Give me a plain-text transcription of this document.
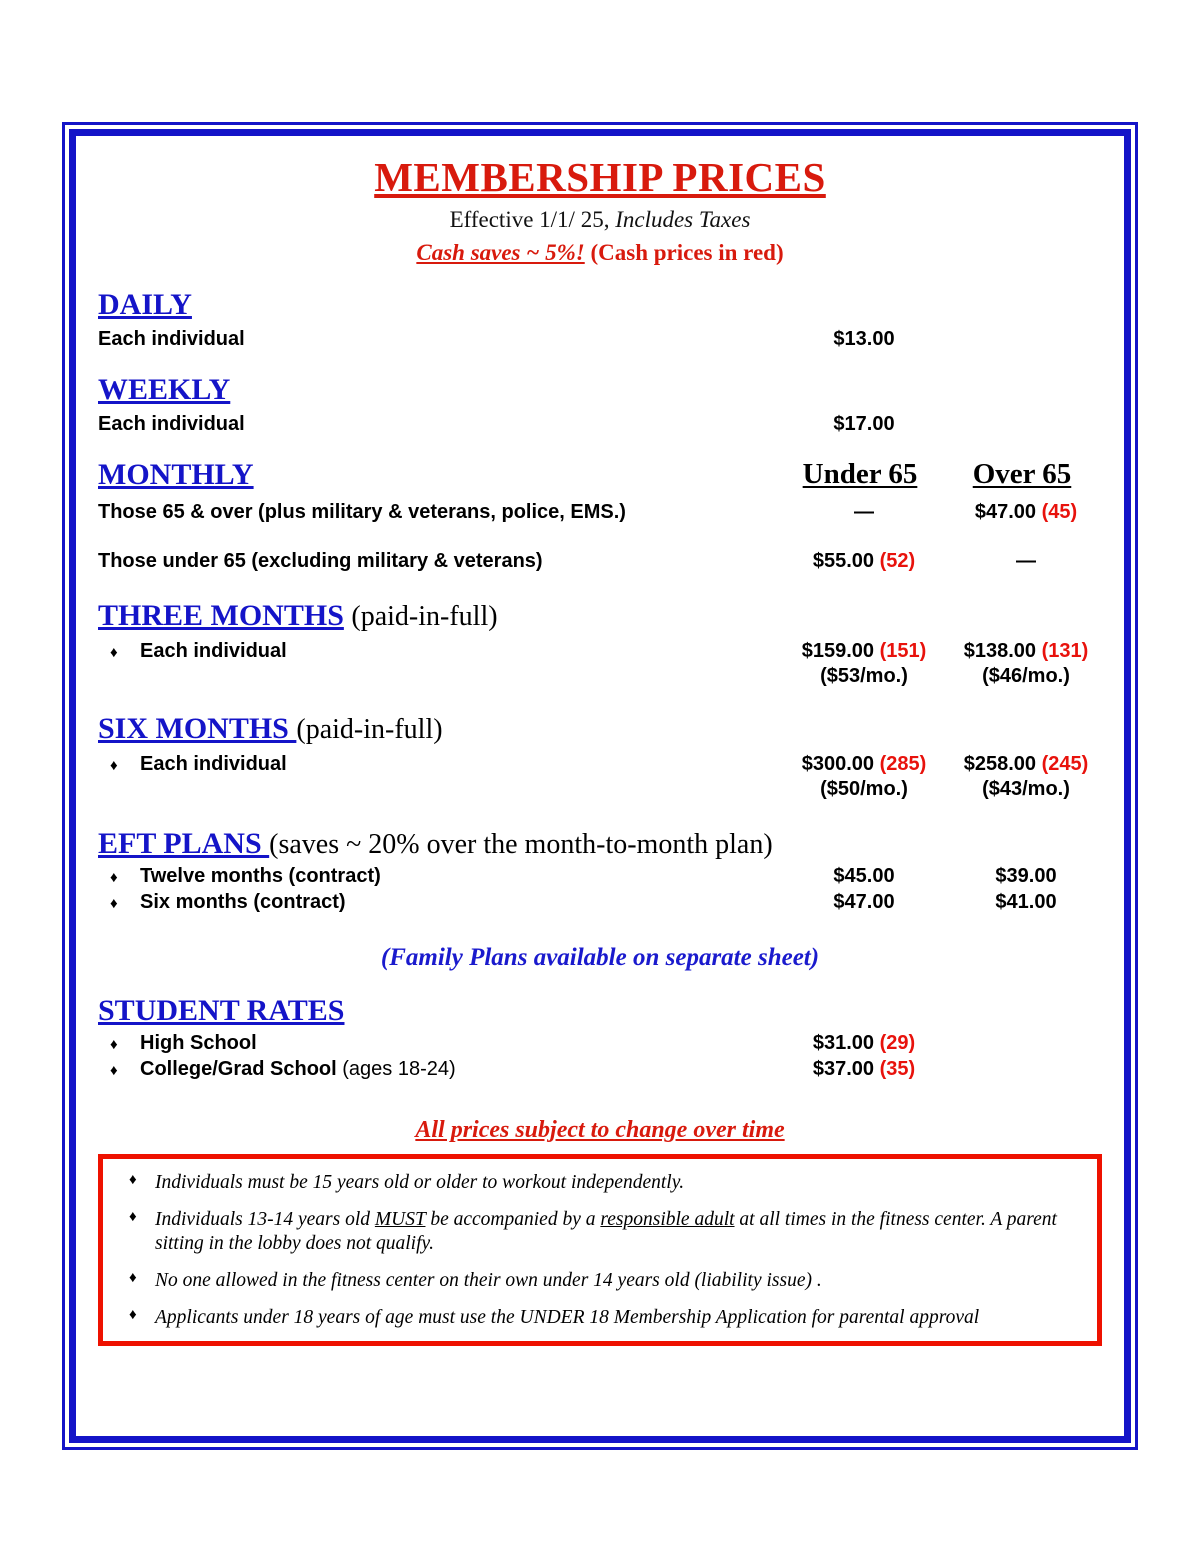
MEMBERSHIP PRICES
Effective 1/1/ 25, Includes Taxes
Cash saves ~ 5%! (Cash prices in red)
DAILY
Each individual	$13.00
WEEKLY
Each individual	$17.00
MONTHLY	Under 65 Over 65
Those 65 & over (plus military & veterans, police, EMS.)	—	$47.00 (45)
Those under 65 (excluding military & veterans)	$55.00 (52)	—
THREE MONTHS (paid-in-full)
♦	Each individual	$159.00 (151)	$138.00 (131)
($53/mo.)	($46/mo.)
SIX MONTHS (paid-in-full)
♦	Each individual	$300.00 (285)	$258.00 (245)
($50/mo.)	($43/mo.)
EFT PLANS (saves ~ 20% over the month-to-month plan)
♦	Twelve months (contract)	$45.00	$39.00
♦	Six months (contract)	$47.00	$41.00
(Family Plans available on separate sheet)
STUDENT RATES
♦	High School	$31.00 (29)
♦	College/Grad School (ages 18-24)	$37.00 (35)
All prices subject to change over time
♦ Individuals must be 15 years old or older to workout independently.
♦ Individuals 13-14 years old MUST be accompanied by a responsible adult at all times in the fitness center. A parent sitting in the lobby does not qualify.
♦ No one allowed in the fitness center on their own under 14 years old (liability issue) .
♦ Applicants under 18 years of age must use the UNDER 18 Membership Application for parental approval
